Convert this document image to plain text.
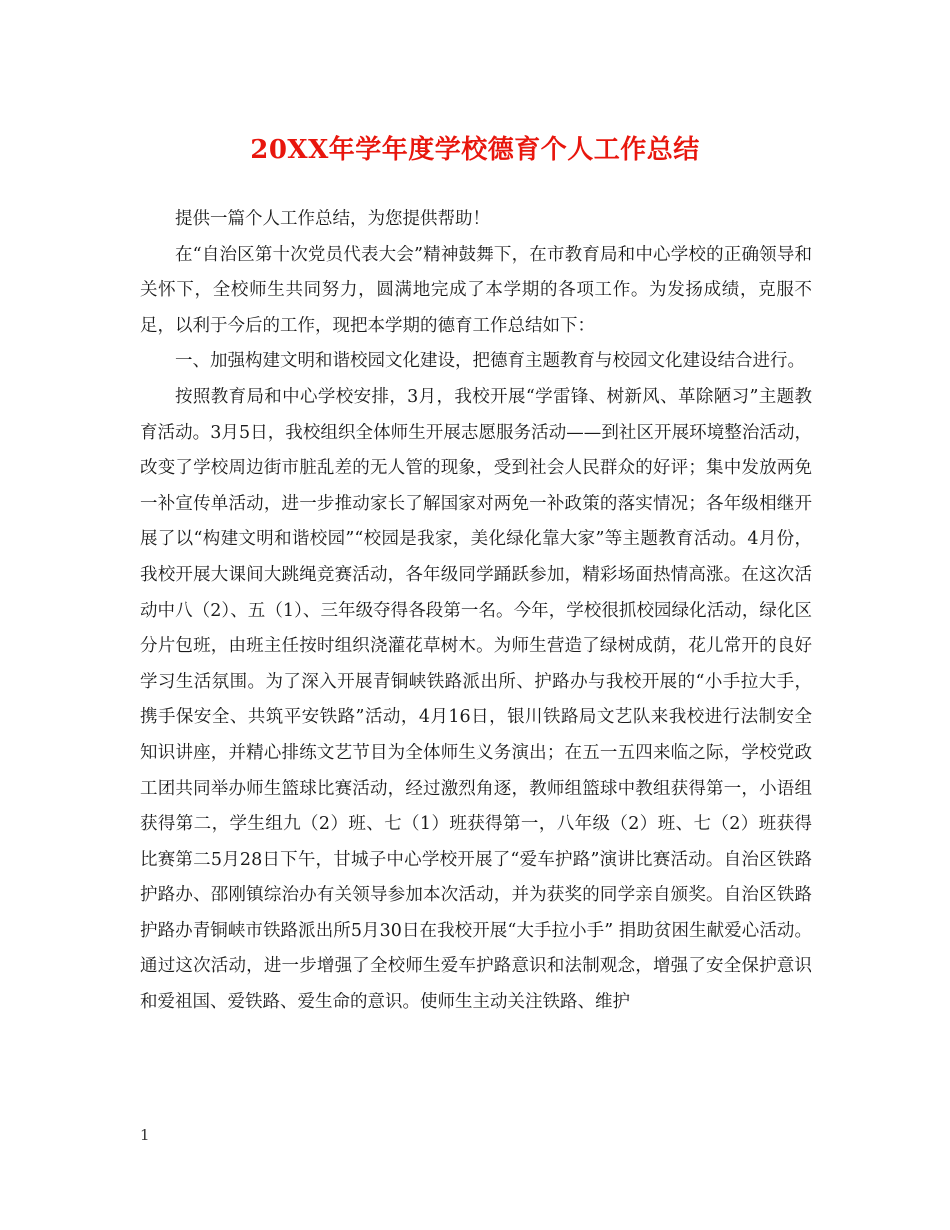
20XX年学年度学校德育个人工作总结

提供一篇个人工作总结，为您提供帮助！

在“自治区第十次党员代表大会”精神鼓舞下，在市教育局和中心学校的正确领导和关怀下，全校师生共同努力，圆满地完成了本学期的各项工作。为发扬成绩，克服不足，以利于今后的工作，现把本学期的德育工作总结如下：

一、加强构建文明和谐校园文化建设，把德育主题教育与校园文化建设结合进行。

按照教育局和中心学校安排，3月，我校开展“学雷锋、树新风、革除陋习”主题教育活动。3月5日，我校组织全体师生开展志愿服务活动——到社区开展环境整治活动，改变了学校周边街市脏乱差的无人管的现象，受到社会人民群众的好评；集中发放两免一补宣传单活动，进一步推动家长了解国家对两免一补政策的落实情况；各年级相继开展了以“构建文明和谐校园”“校园是我家，美化绿化靠大家”等主题教育活动。4月份，我校开展大课间大跳绳竞赛活动，各年级同学踊跃参加，精彩场面热情高涨。在这次活动中八（2）、五（1）、三年级夺得各段第一名。今年，学校很抓校园绿化活动，绿化区分片包班，由班主任按时组织浇灌花草树木。为师生营造了绿树成荫，花儿常开的良好学习生活氛围。为了深入开展青铜峡铁路派出所、护路办与我校开展的“小手拉大手，携手保安全、共筑平安铁路”活动，4月16日，银川铁路局文艺队来我校进行法制安全知识讲座，并精心排练文艺节目为全体师生义务演出；在五一五四来临之际，学校党政工团共同举办师生篮球比赛活动，经过激烈角逐，教师组篮球中教组获得第一，小语组获得第二，学生组九（2）班、七（1）班获得第一，八年级（2）班、七（2）班获得比赛第二5月28日下午，甘城子中心学校开展了“爱车护路”演讲比赛活动。自治区铁路护路办、邵刚镇综治办有关领导参加本次活动，并为获奖的同学亲自颁奖。自治区铁路护路办青铜峡市铁路派出所5月30日在我校开展“大手拉小手” 捐助贫困生献爱心活动。通过这次活动，进一步增强了全校师生爱车护路意识和法制观念，增强了安全保护意识和爱祖国、爱铁路、爱生命的意识。使师生主动关注铁路、维护

1
